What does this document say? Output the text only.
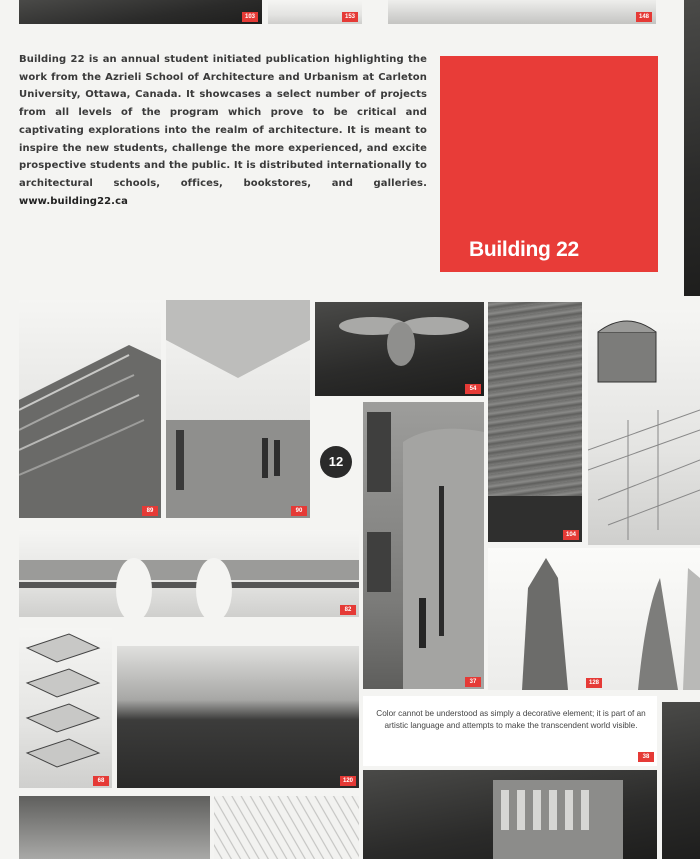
103	153	148

Building 22 is an annual student initiated publication highlighting the work from the Azrieli School of Architecture and Urbanism at Carleton University, Ottawa, Canada. It showcases a select number of projects from all levels of the program which prove to be critical and captivating explorations into the realm of architecture. It is meant to inspire the new students, challenge the more experienced, and excite prospective students and the public. It is distributed internationally to architectural schools, offices, bookstores, and galleries. www.building22.ca

Building 22
89	90
54
104
12
37
82
128
68	120
38

Color cannot be understood as simply a decorative element; it is part of an artistic language and attempts to make the transcendent world visible.
